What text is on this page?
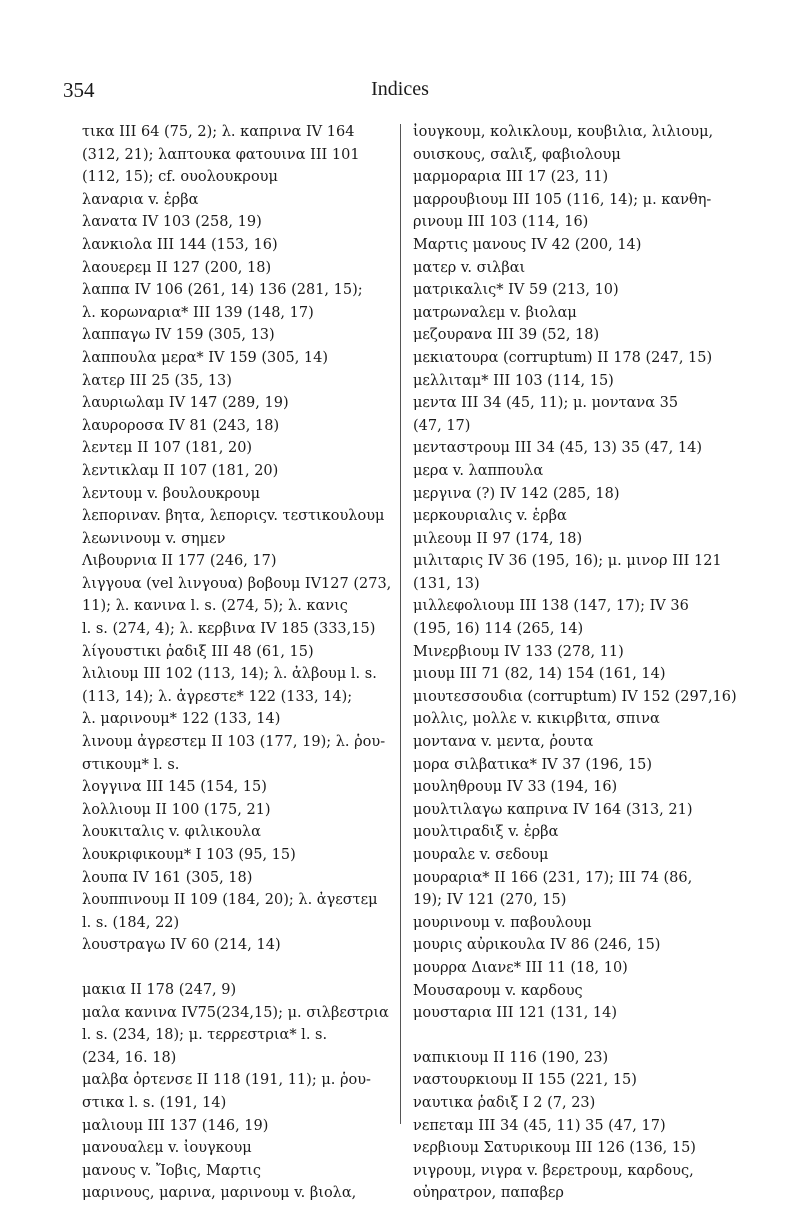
354	Indices
τικα III 64 (75, 2); λ. καπρινα IV 164
(312, 21); λαπτουκα φατουινα III 101
(112, 15); cf. ουολουκρουμ
λαναρια v. ἑρβα
λανατα IV 103 (258, 19)
λανκιολα III 144 (153, 16)
λαουερεμ II 127 (200, 18)
λαππα IV 106 (261, 14) 136 (281, 15);
λ. κορωναρια* III 139 (148, 17)
λαππαγω IV 159 (305, 13)
λαππουλα μερα* IV 159 (305, 14)
λατερ III 25 (35, 13)
λαυριωλαμ IV 147 (289, 19)
λαυροροσα IV 81 (243, 18)
λεντεμ II 107 (181, 20)
λεντικλαμ II 107 (181, 20)
λεντουμ v. βουλουκρουμ
λεποριναv. βητα, λεποριςv. τεστικουλουμ
λεωνινουμ v. σημεν
Λιβουρνια II 177 (246, 17)
λιγγουα (vel λινγουα) βοβουμ IV127 (273,
11); λ. κανινα l. s. (274, 5); λ. κανις
l. s. (274, 4); λ. κερβινα IV 185 (333,15)
λίγουστικι ῥαδιξ III 48 (61, 15)
λιλιουμ III 102 (113, 14); λ. ἀλβουμ l. s.
(113, 14); λ. ἀγρεστε* 122 (133, 14);
λ. μαρινουμ* 122 (133, 14)
λινουμ ἀγρεστεμ II 103 (177, 19); λ. ῥου-
στικουμ* l. s.
λογγινα III 145 (154, 15)
λολλιουμ II 100 (175, 21)
λουκιταλις v. φιλικουλα
λουκριφικουμ* I 103 (95, 15)
λουπα IV 161 (305, 18)
λουππινουμ II 109 (184, 20); λ. ἀγεστεμ
l. s. (184, 22)
λουστραγω IV 60 (214, 14)
μακια II 178 (247, 9)
μαλα κανινα IV75(234,15); μ. σιλβεστρια
l. s. (234, 18); μ. τερρεστρια* l. s.
(234, 16. 18)
μαλβα ὀρτενσε II 118 (191, 11); μ. ῥου-
στικα l. s. (191, 14)
μαλιουμ III 137 (146, 19)
μανουαλεμ v. ἰουγκουμ
μανους v. Ἴοβις, Μαρτις
μαρινους, μαρινα, μαρινουμ v. βιολα,
ἰουγκουμ, κολικλουμ, κουβιλια, λιλιουμ,
ουισκους, σαλιξ, φαβιολουμ
μαρμοραρια III 17 (23, 11)
μαρρουβιουμ III 105 (116, 14); μ. κανθη-
ρινουμ III 103 (114, 16)
Μαρτις μανους IV 42 (200, 14)
ματερ v. σιλβαι
ματρικαλις* IV 59 (213, 10)
ματρωναλεμ v. βιολαμ
μεζουρανα III 39 (52, 18)
μεκιατουρα (corruptum) II 178 (247, 15)
μελλιταμ* III 103 (114, 15)
μεντα III 34 (45, 11); μ. μοντανα 35
(47, 17)
μενταστρουμ III 34 (45, 13) 35 (47, 14)
μερα v. λαππουλα
μεργινα (?) IV 142 (285, 18)
μερκουριαλις v. ἑρβα
μιλεουμ II 97 (174, 18)
μιλιταρις IV 36 (195, 16); μ. μινορ III 121
(131, 13)
μιλλεφολιουμ III 138 (147, 17); IV 36
(195, 16) 114 (265, 14)
Μινερβιουμ IV 133 (278, 11)
μιουμ III 71 (82, 14) 154 (161, 14)
μιουτεσσουδια (corruptum) IV 152 (297,16)
μολλις, μολλε v. κικιρβιτα, σπινα
μοντανα v. μεντα, ῥουτα
μορα σιλβατικα* IV 37 (196, 15)
μουληθρουμ IV 33 (194, 16)
μουλτιλαγω καπρινα IV 164 (313, 21)
μουλτιραδιξ v. ἑρβα
μουραλε v. σεδουμ
μουραρια* II 166 (231, 17); III 74 (86,
19); IV 121 (270, 15)
μουρινουμ v. παβουλουμ
μουρις αὐρικουλα IV 86 (246, 15)
μουρρα Διανε* III 11 (18, 10)
Μουσαρουμ v. καρδους
μουσταρια III 121 (131, 14)
ναπικιουμ II 116 (190, 23)
ναστουρκιουμ II 155 (221, 15)
ναυτικα ῥαδιξ I 2 (7, 23)
νεπεταμ III 34 (45, 11) 35 (47, 17)
νερβιουμ Σατυρικουμ III 126 (136, 15)
νιγρουμ, νιγρα v. βερετρουμ, καρδους,
οὐηρατρον, παπαβερ
